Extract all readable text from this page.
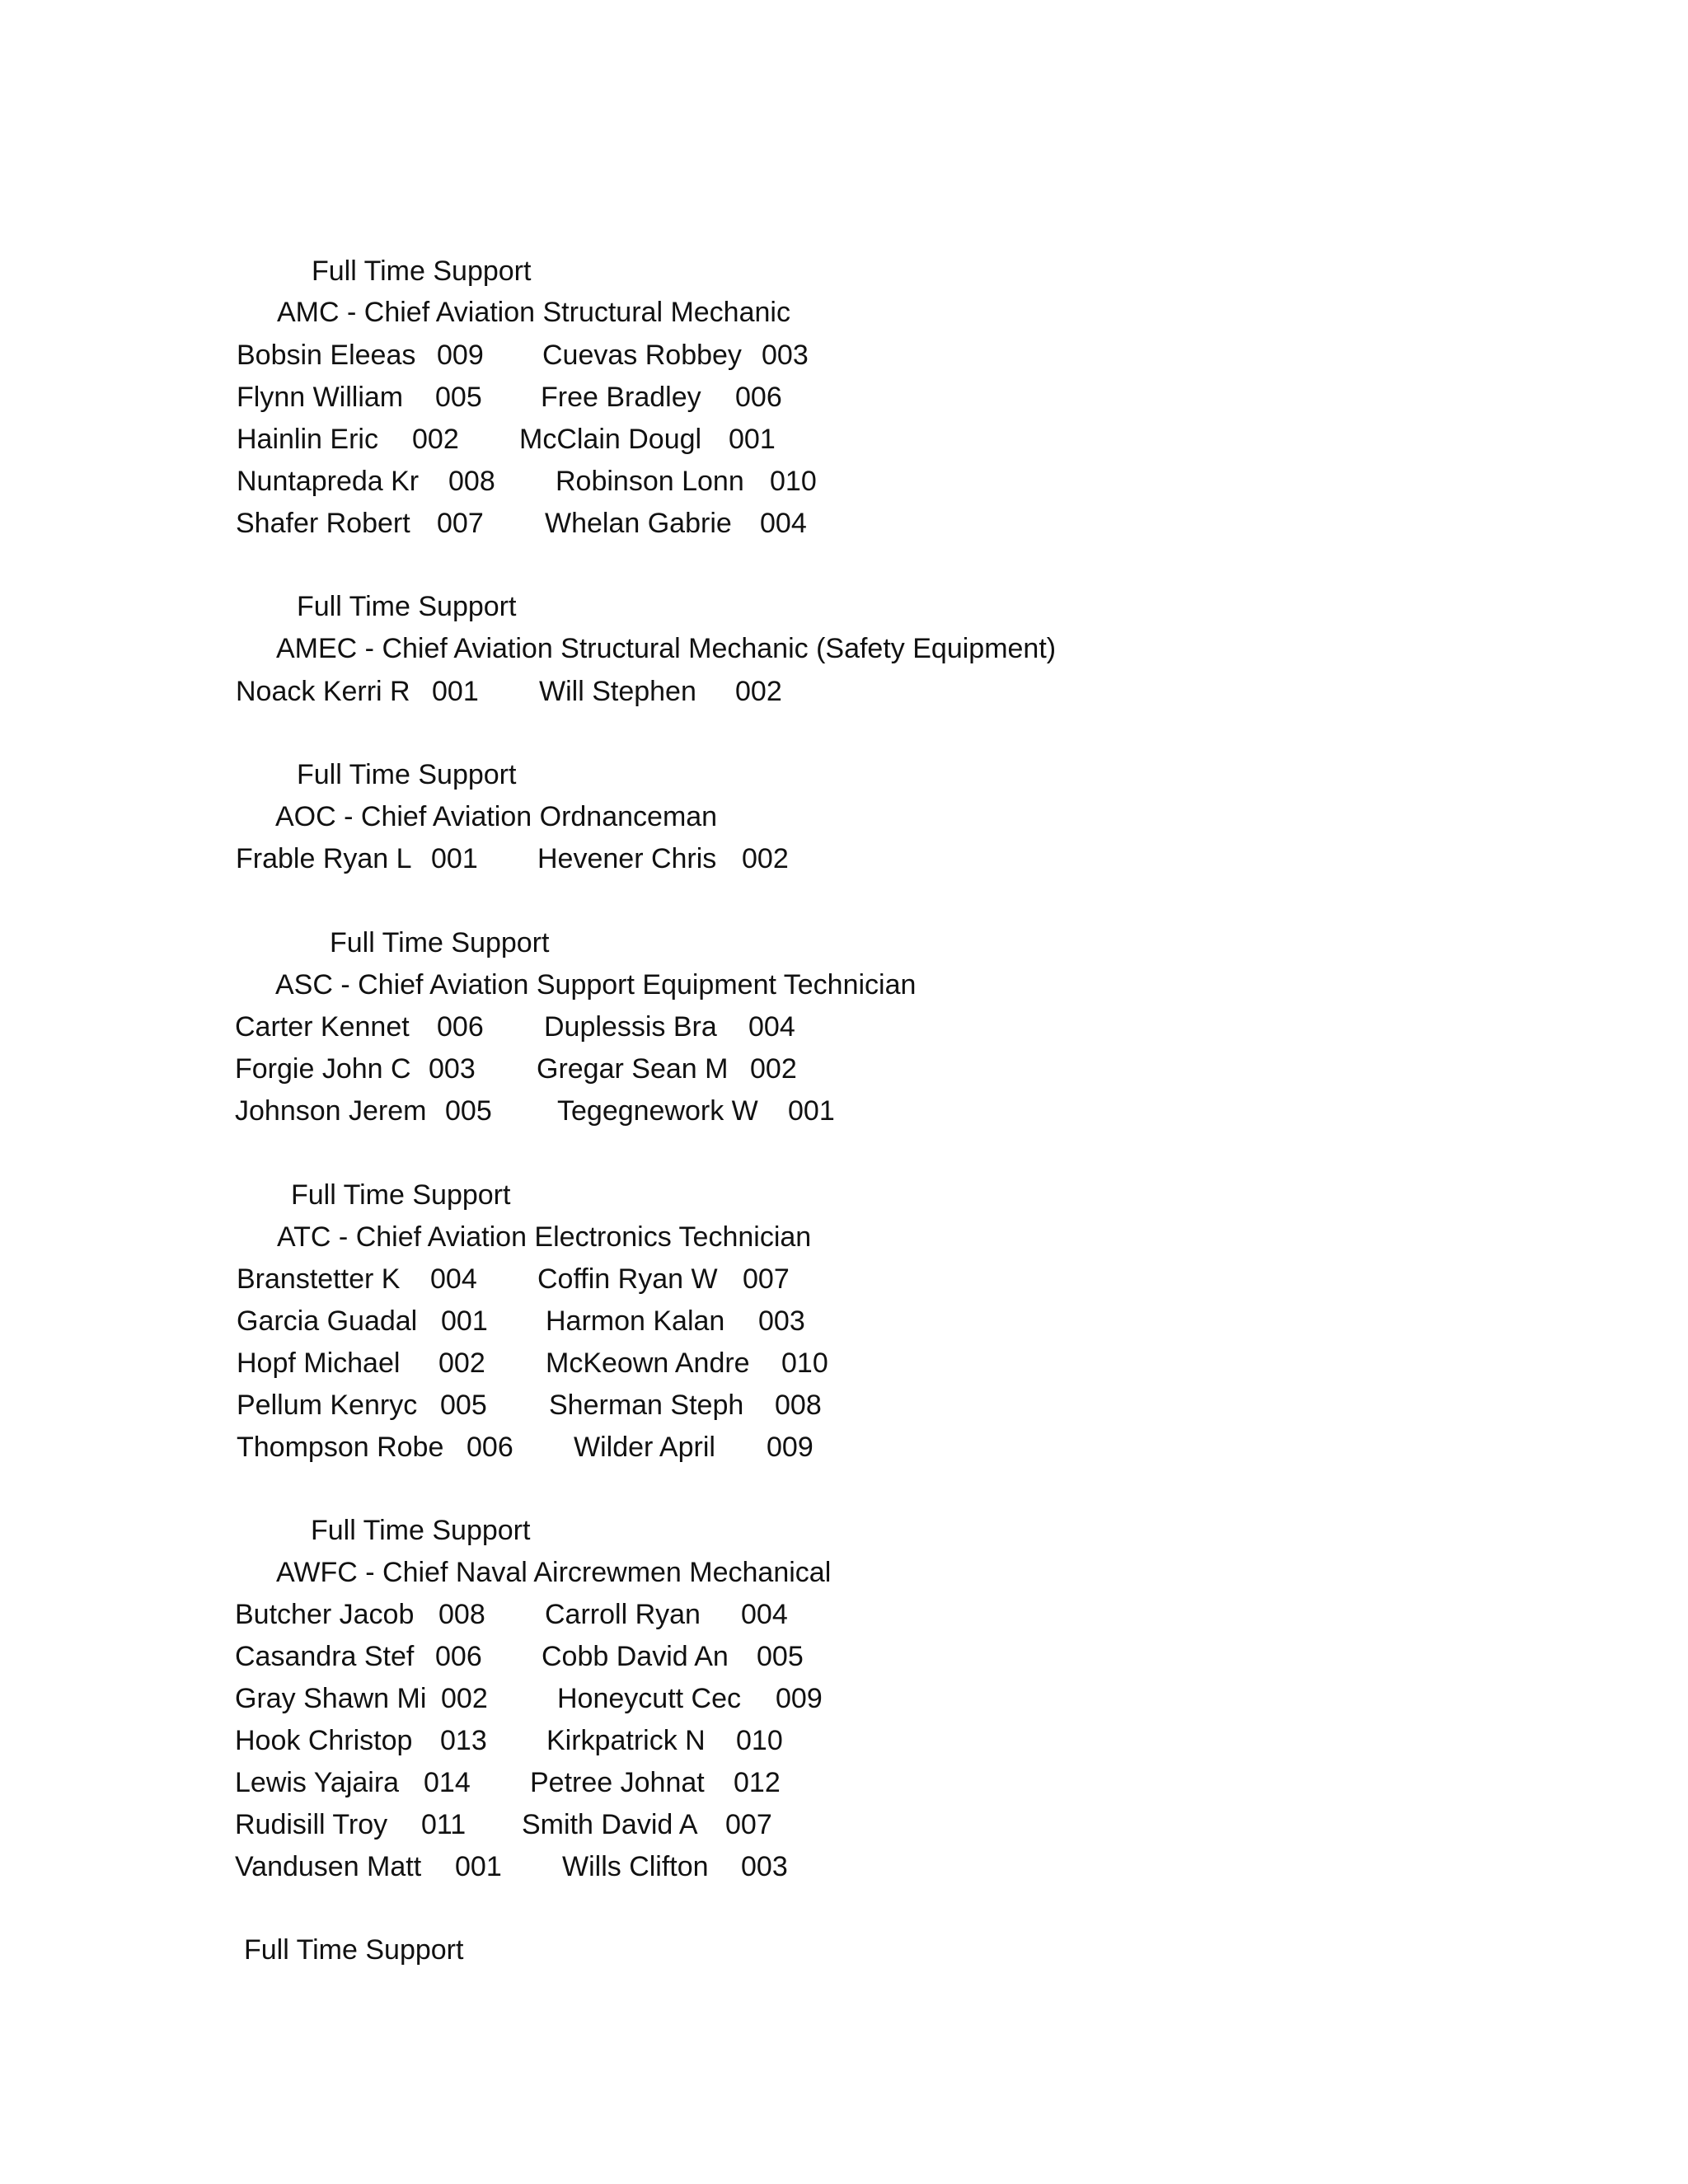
Full Time Support
AMC - Chief Aviation Structural Mechanic
Bobsin Eleeas 009 Cuevas Robbey 003
Flynn William 005 Free Bradley 006
Hainlin Eric 002 McClain Dougl 001
Nuntapreda Kr 008 Robinson Lonn 010
Shafer Robert 007 Whelan Gabrie 004
Full Time Support
AMEC - Chief Aviation Structural Mechanic (Safety Equipment)
Noack Kerri R 001 Will Stephen 002
Full Time Support
AOC - Chief Aviation Ordnanceman
Frable Ryan L 001 Hevener Chris 002
Full Time Support
ASC - Chief Aviation Support Equipment Technician
Carter Kennet 006 Duplessis Bra 004
Forgie John C 003 Gregar Sean M 002
Johnson Jerem 005 Tegegnework W 001
Full Time Support
ATC - Chief Aviation Electronics Technician
Branstetter K 004 Coffin Ryan W 007
Garcia Guadal 001 Harmon Kalan 003
Hopf Michael 002 McKeown Andre 010
Pellum Kenryc 005 Sherman Steph 008
Thompson Robe 006 Wilder April 009
Full Time Support
AWFC - Chief Naval Aircrewmen Mechanical
Butcher Jacob 008 Carroll Ryan 004
Casandra Stef 006 Cobb David An 005
Gray Shawn Mi 002 Honeycutt Cec 009
Hook Christop 013 Kirkpatrick N 010
Lewis Yajaira 014 Petree Johnat 012
Rudisill Troy 011 Smith David A 007
Vandusen Matt 001 Wills Clifton 003
Full Time Support
